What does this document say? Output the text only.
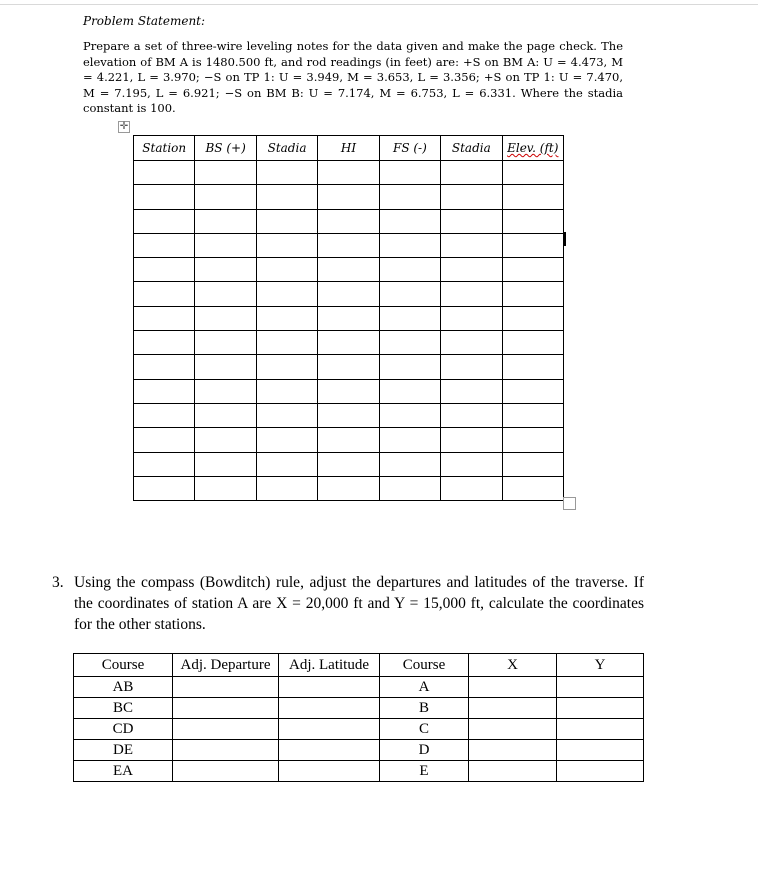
Problem Statement:
Prepare a set of three-wire leveling notes for the data given and make the page check. The elevation of BM A is 1480.500 ft, and rod readings (in feet) are: +S on BM A: U = 4.473, M = 4.221, L = 3.970; −S on TP 1: U = 3.949, M = 3.653, L = 3.356; +S on TP 1: U = 7.470, M = 7.195, L = 6.921; −S on BM B: U = 7.174, M = 6.753, L = 6.331. Where the stadia constant is 100.
✛
Station	BS (+)	Stadia	HI	FS (-)	Stadia	Elev. (ft)

3. Using the compass (Bowditch) rule, adjust the departures and latitudes of the traverse. If the coordinates of station A are X = 20,000 ft and Y = 15,000 ft, calculate the coordinates for the other stations.
Course	Adj. Departure	Adj. Latitude	Course	X	Y
AB			A		
BC			B		
CD			C		
DE			D		
EA			E		
